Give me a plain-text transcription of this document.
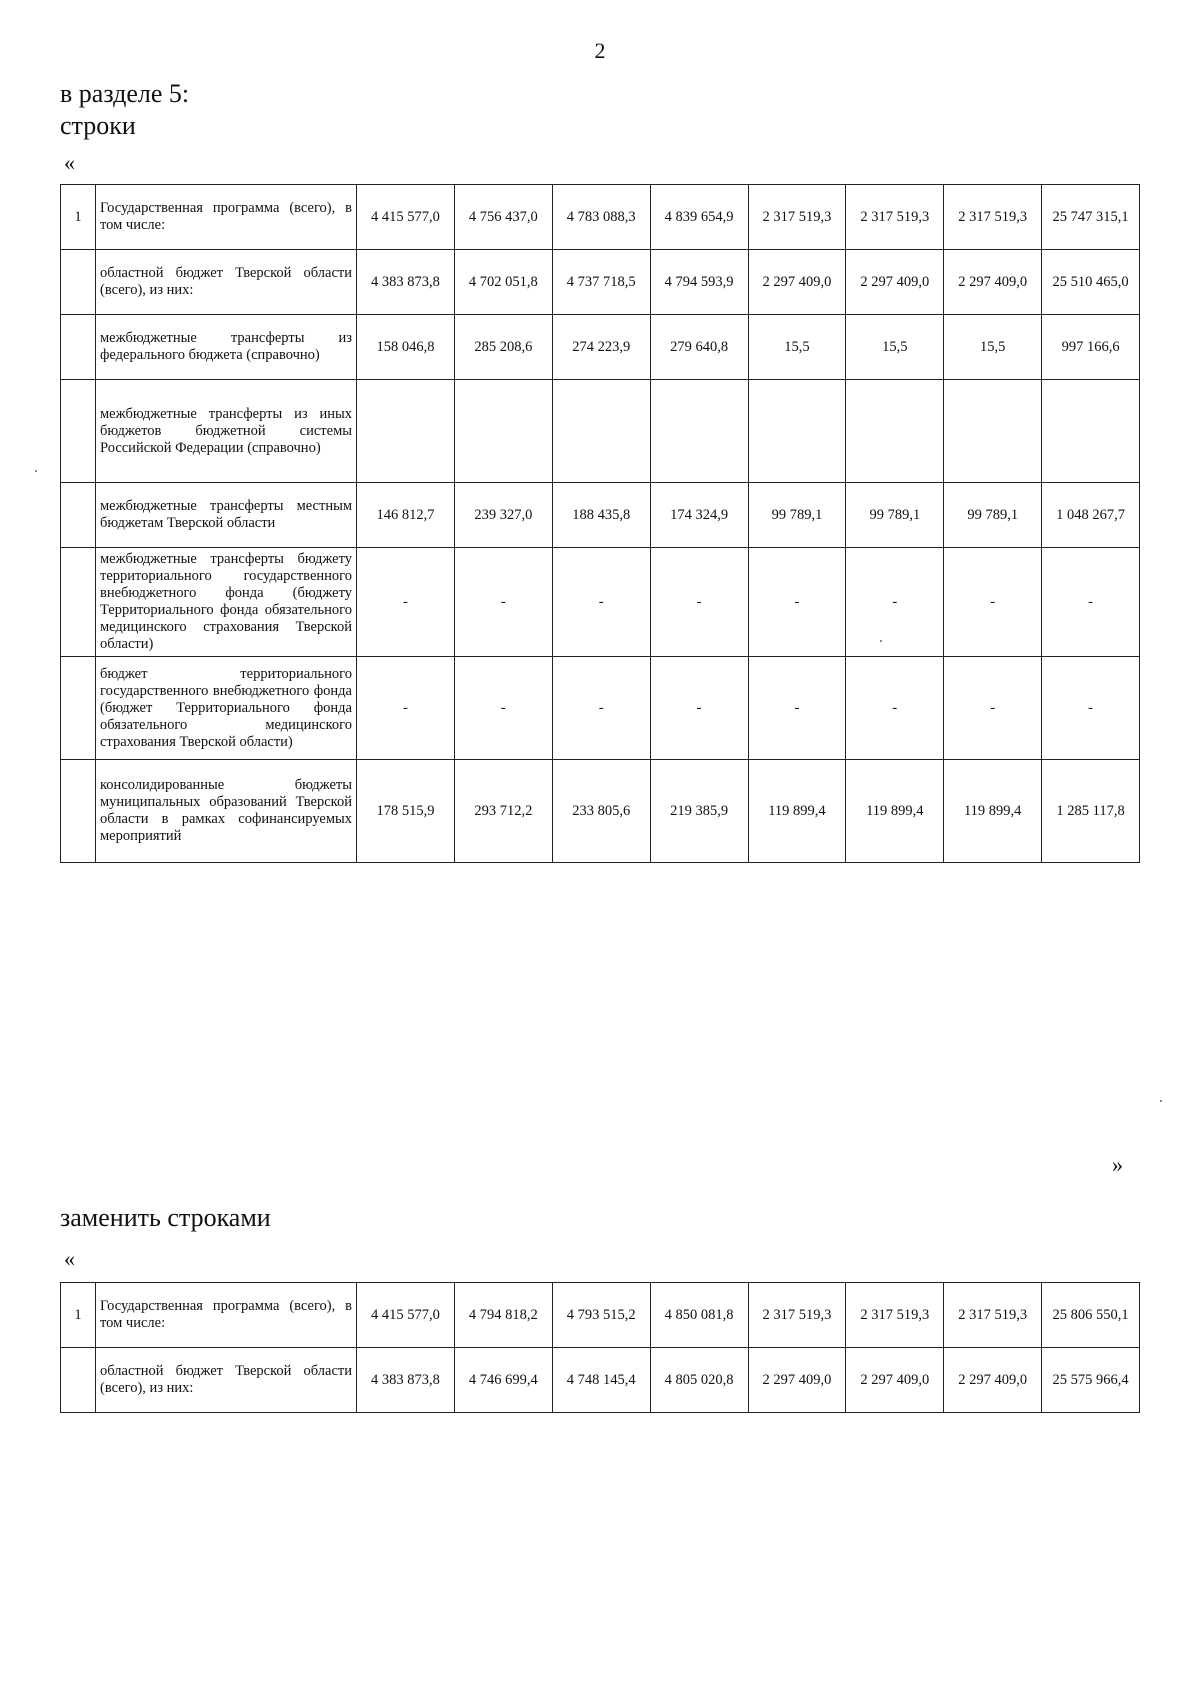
2
в разделе 5:
строки
«
1	Государственная программа (всего), в том числе:	4 415 577,0	4 756 437,0	4 783 088,3	4 839 654,9	2 317 519,3	2 317 519,3	2 317 519,3	25 747 315,1
	областной бюджет Тверской области (всего), из них:	4 383 873,8	4 702 051,8	4 737 718,5	4 794 593,9	2 297 409,0	2 297 409,0	2 297 409,0	25 510 465,0
	межбюджетные трансферты из федерального бюджета (справочно)	158 046,8	285 208,6	274 223,9	279 640,8	15,5	15,5	15,5	997 166,6
	межбюджетные трансферты из иных бюджетов бюджетной системы Российской Федерации (справочно)								
	межбюджетные трансферты местным бюджетам Тверской области	146 812,7	239 327,0	188 435,8	174 324,9	99 789,1	99 789,1	99 789,1	1 048 267,7
	межбюджетные трансферты бюджету территориального государственного внебюджетного фонда (бюджету Территориального фонда обязательного медицинского страхования Тверской области)	-	-	-	-	-	-	-	-
	бюджет территориального государственного внебюджетного фонда (бюджет Территориального фонда обязательного медицинского страхования Тверской области)	-	-	-	-	-	-	-	-
	консолидированные бюджеты муниципальных образований Тверской области в рамках софинансируемых мероприятий	178 515,9	293 712,2	233 805,6	219 385,9	119 899,4	119 899,4	119 899,4	1 285 117,8
»
заменить строками
«
1	Государственная программа (всего), в том числе:	4 415 577,0	4 794 818,2	4 793 515,2	4 850 081,8	2 317 519,3	2 317 519,3	2 317 519,3	25 806 550,1
	областной бюджет Тверской области (всего), из них:	4 383 873,8	4 746 699,4	4 748 145,4	4 805 020,8	2 297 409,0	2 297 409,0	2 297 409,0	25 575 966,4
